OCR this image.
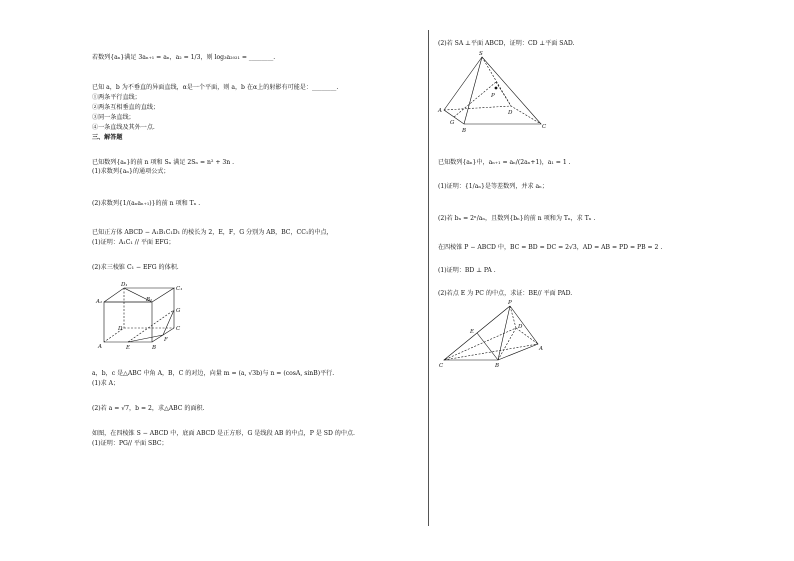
若数列{aₙ}满足 3aₙ₊₁ = aₙ，a₂ = 1/3，则 log₃a₂₀₂₁ = ________.
已知 a，b 为不垂直的异面直线，α是一个平面，则 a，b 在α上的射影有可能是：________.
①两条平行直线；
②两条互相垂直的直线；
③同一条直线；
④一条直线及其外一点.
三、解答题
已知数列{aₙ}的前 n 项和 Sₙ 满足 2Sₙ = n² + 3n .
(1)求数列{aₙ}的通项公式；
(2)求数列{1/(aₙaₙ₊₁)}的前 n 项和 Tₙ .
已知正方体 ABCD − A₁B₁C₁D₁ 的棱长为 2，E，F，G 分别为 AB，BC，CC₁的中点，
(1)证明：A₁C₁ // 平面 EFG；
(2)求三棱锥 C₁ − EFG 的体积.
D₁
A₁	B₁
C₁
G
D	C
F
A	E	B
a，b，c 是△ABC 中角 A，B，C 的对边，向量 m = (a, √3b)与 n = (cosA, sinB)平行.
(1)求 A；
(2)若 a = √7，b = 2，求△ABC 的面积.
如图，在四棱锥 S − ABCD 中，底面 ABCD 是正方形，G 是线段 AB 的中点，P 是 SD 的中点.
(1)证明：PG// 平面 SBC；
(2)若 SA ⊥平面 ABCD，证明：CD ⊥平面 SAD.
S
P
D
A
G
B
C
已知数列{aₙ}中，aₙ₊₁ = aₙ/(2aₙ+1)，a₁ = 1 .
(1)证明：{1/aₙ}是等差数列，并求 aₙ；
(2)若 bₙ = 2ⁿ/aₙ，且数列{bₙ}的前 n 项和为 Tₙ，求 Tₙ .
在四棱锥 P − ABCD 中，BC = BD = DC = 2√3，AD = AB = PD = PB = 2 .
(1)证明：BD ⊥ PA .
(2)若点 E 为 PC 的中点，求证：BE// 平面 PAD.
P
E
D
A
C	B
